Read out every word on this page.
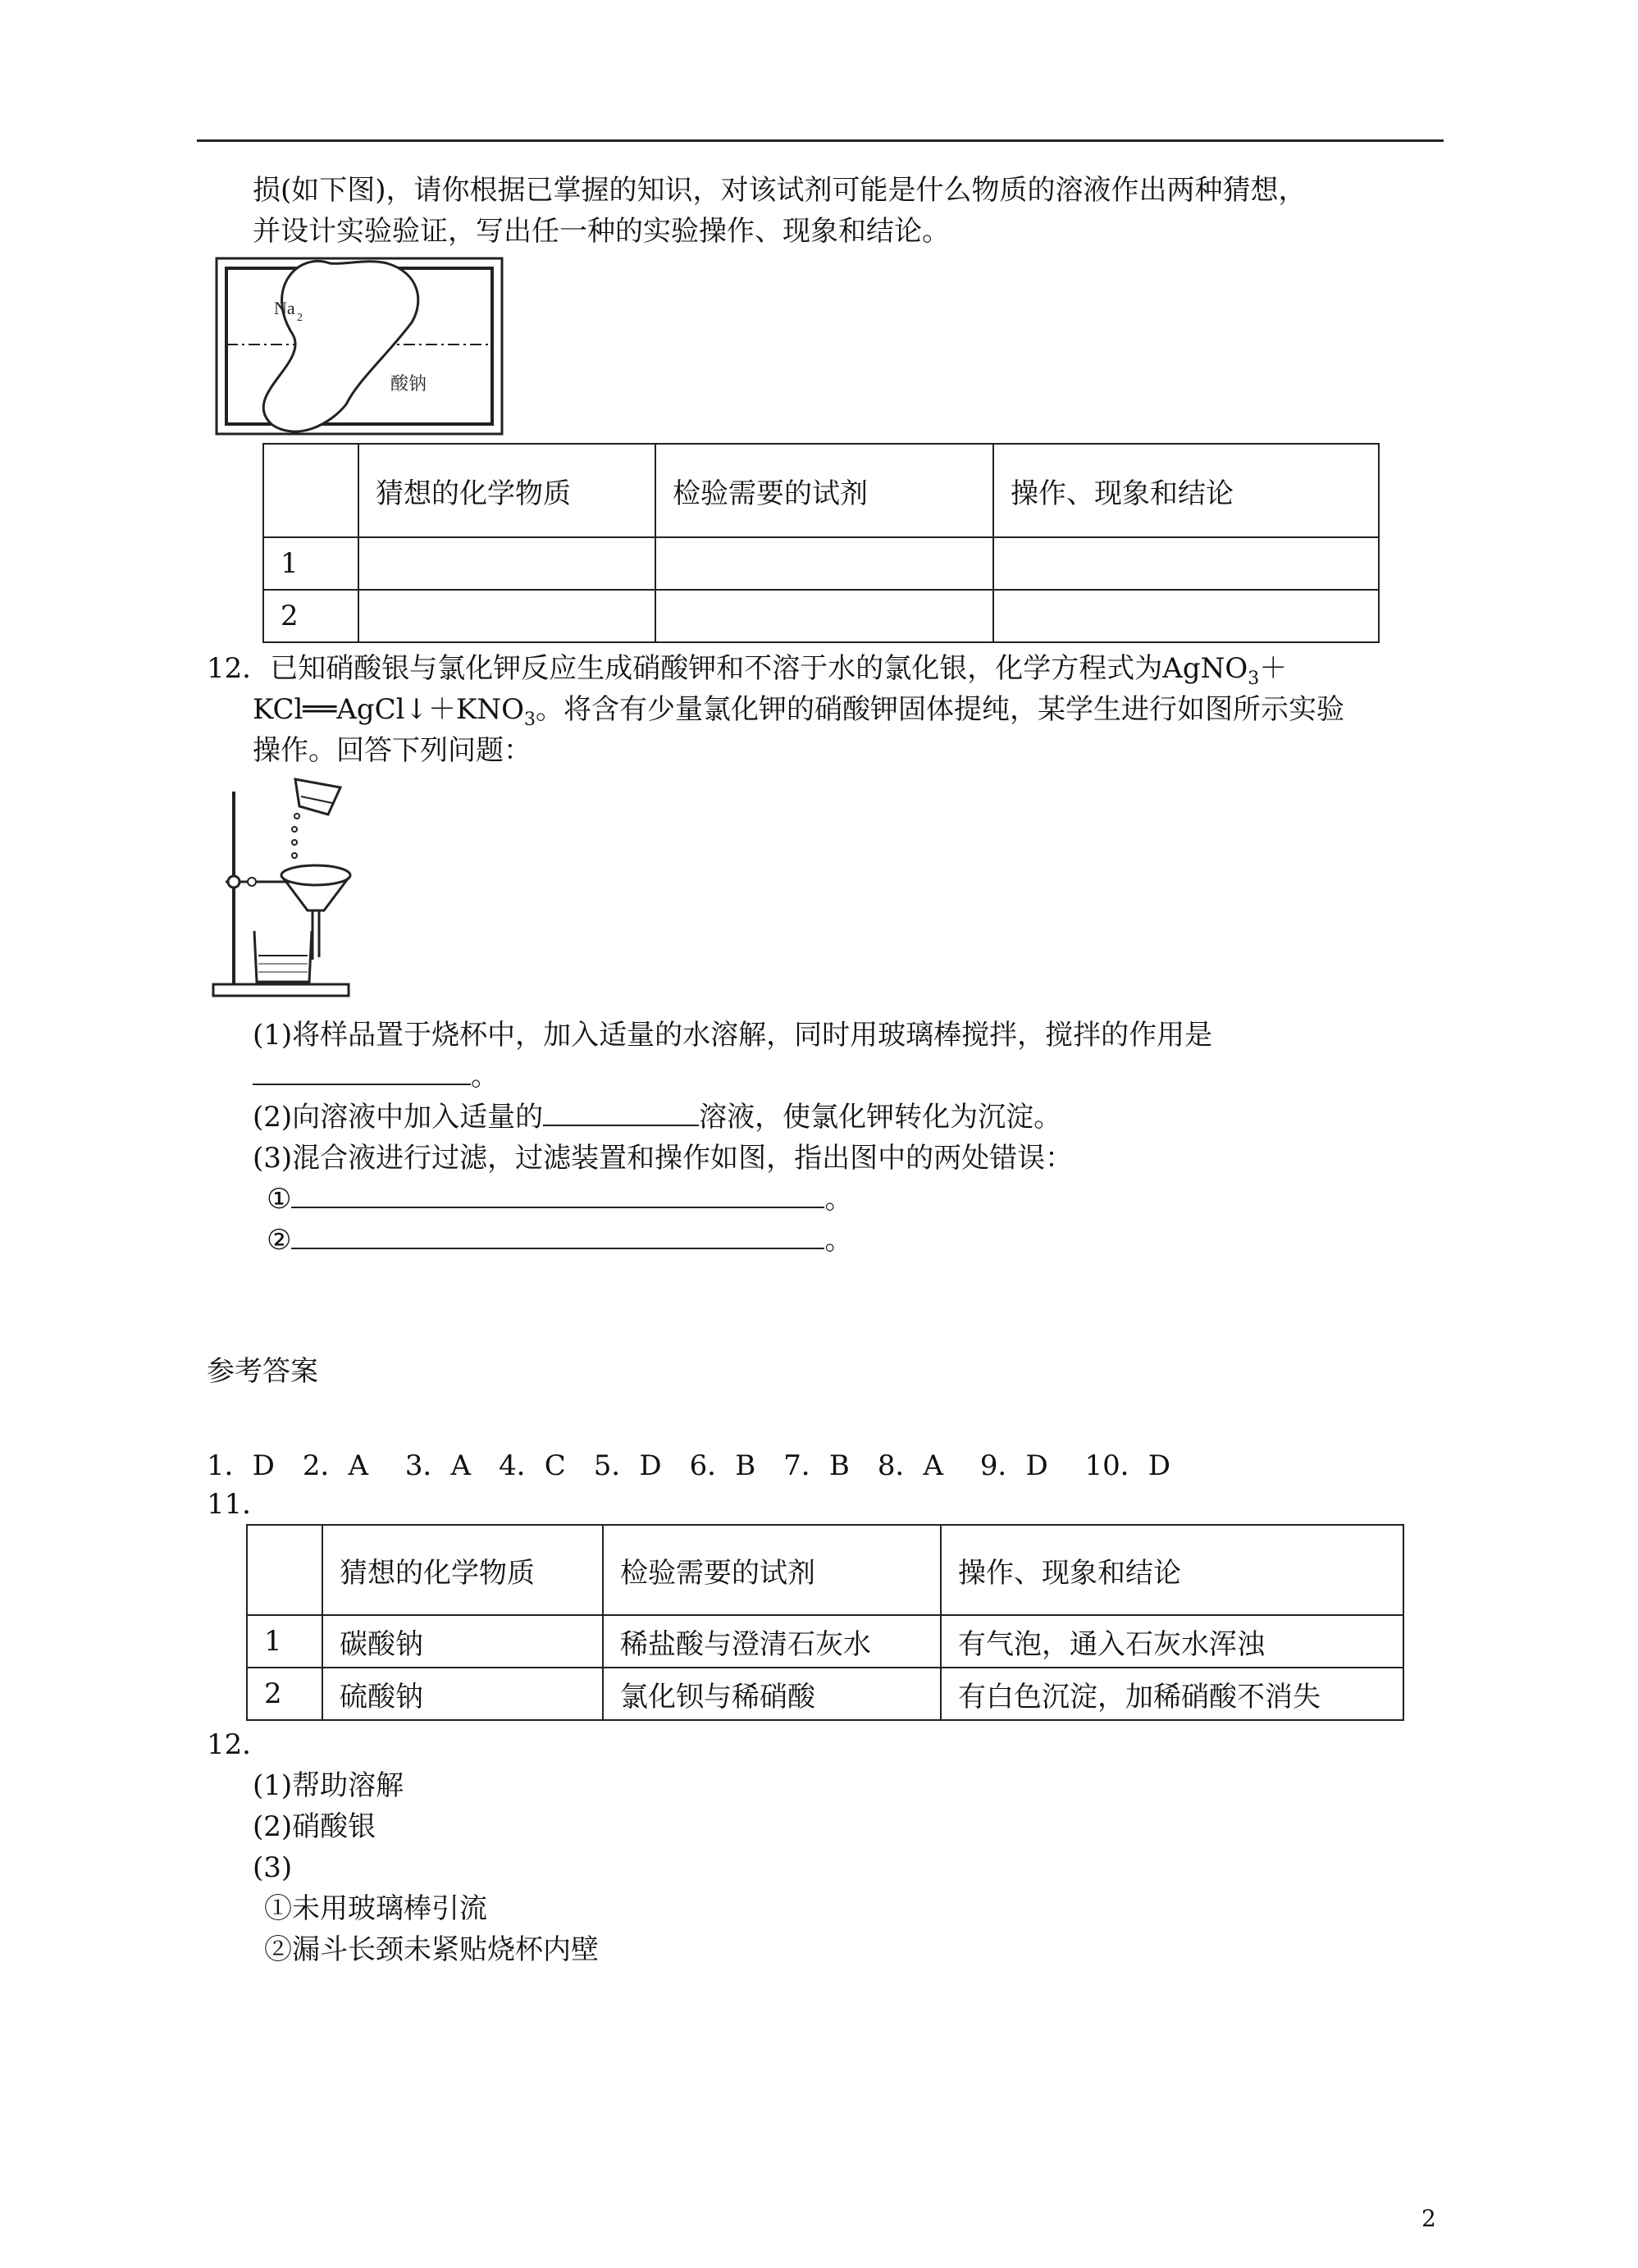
损(如下图)，请你根据已掌握的知识，对该试剂可能是什么物质的溶液作出两种猜想，
并设计实验验证，写出任一种的实验操作、现象和结论。
Na 2
酸钠
	猜想的化学物质	检验需要的试剂	操作、现象和结论
1			
2			
12．已知硝酸银与氯化钾反应生成硝酸钾和不溶于水的氯化银，化学方程式为AgNO$_3$＋
$KCl══AgCl↓+KNO_3$。将含有少量氯化钾的硝酸钾固体提纯，某学生进行如图所示实验
操作。回答下列问题：
(1)将样品置于烧杯中，加入适量的水溶解，同时用玻璃棒搅拌，搅拌的作用是
。
(2)向溶液中加入适量的	溶液，使氯化钾转化为沉淀。
(3)混合液进行过滤，过滤装置和操作如图，指出图中的两处错误：
①	。
②	。
参考答案
1．D　2．A　 3．A　4．C　5．D　6．B　7．B　8．A　 9．D　 10．D
11．
	猜想的化学物质	检验需要的试剂	操作、现象和结论
1	碳酸钠	稀盐酸与澄清石灰水	有气泡，通入石灰水浑浊
2	硫酸钠	氯化钡与稀硝酸	有白色沉淀，加稀硝酸不消失
12．
(1)帮助溶解
(2)硝酸银
(3)
①未用玻璃棒引流
②漏斗长颈未紧贴烧杯内壁
2
